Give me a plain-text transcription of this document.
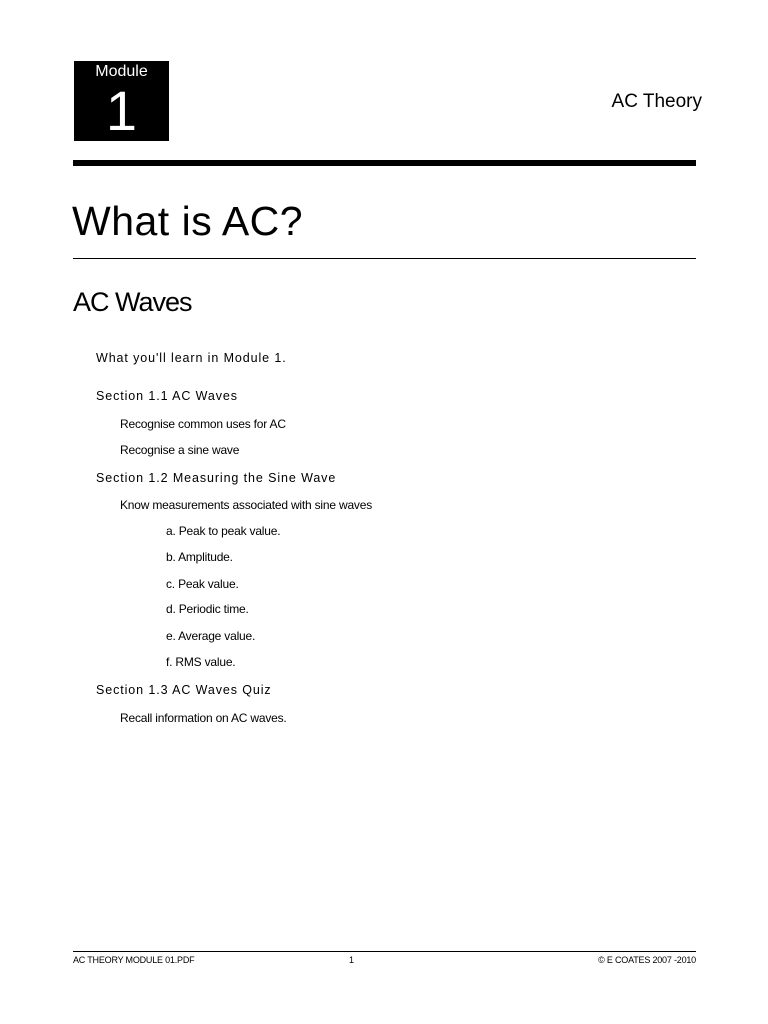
Module
1	AC Theory
What is AC?
AC Waves
What you'll learn in Module 1.
Section 1.1 AC Waves
Recognise common uses for AC
Recognise a sine wave
Section 1.2 Measuring the Sine Wave
Know measurements associated with sine waves
a. Peak to peak value.
b. Amplitude.
c. Peak value.
d. Periodic time.
e. Average value.
f. RMS value.
Section 1.3 AC Waves Quiz
Recall information on AC waves.
AC THEORY MODULE 01.PDF	1	© E COATES 2007 -2010
